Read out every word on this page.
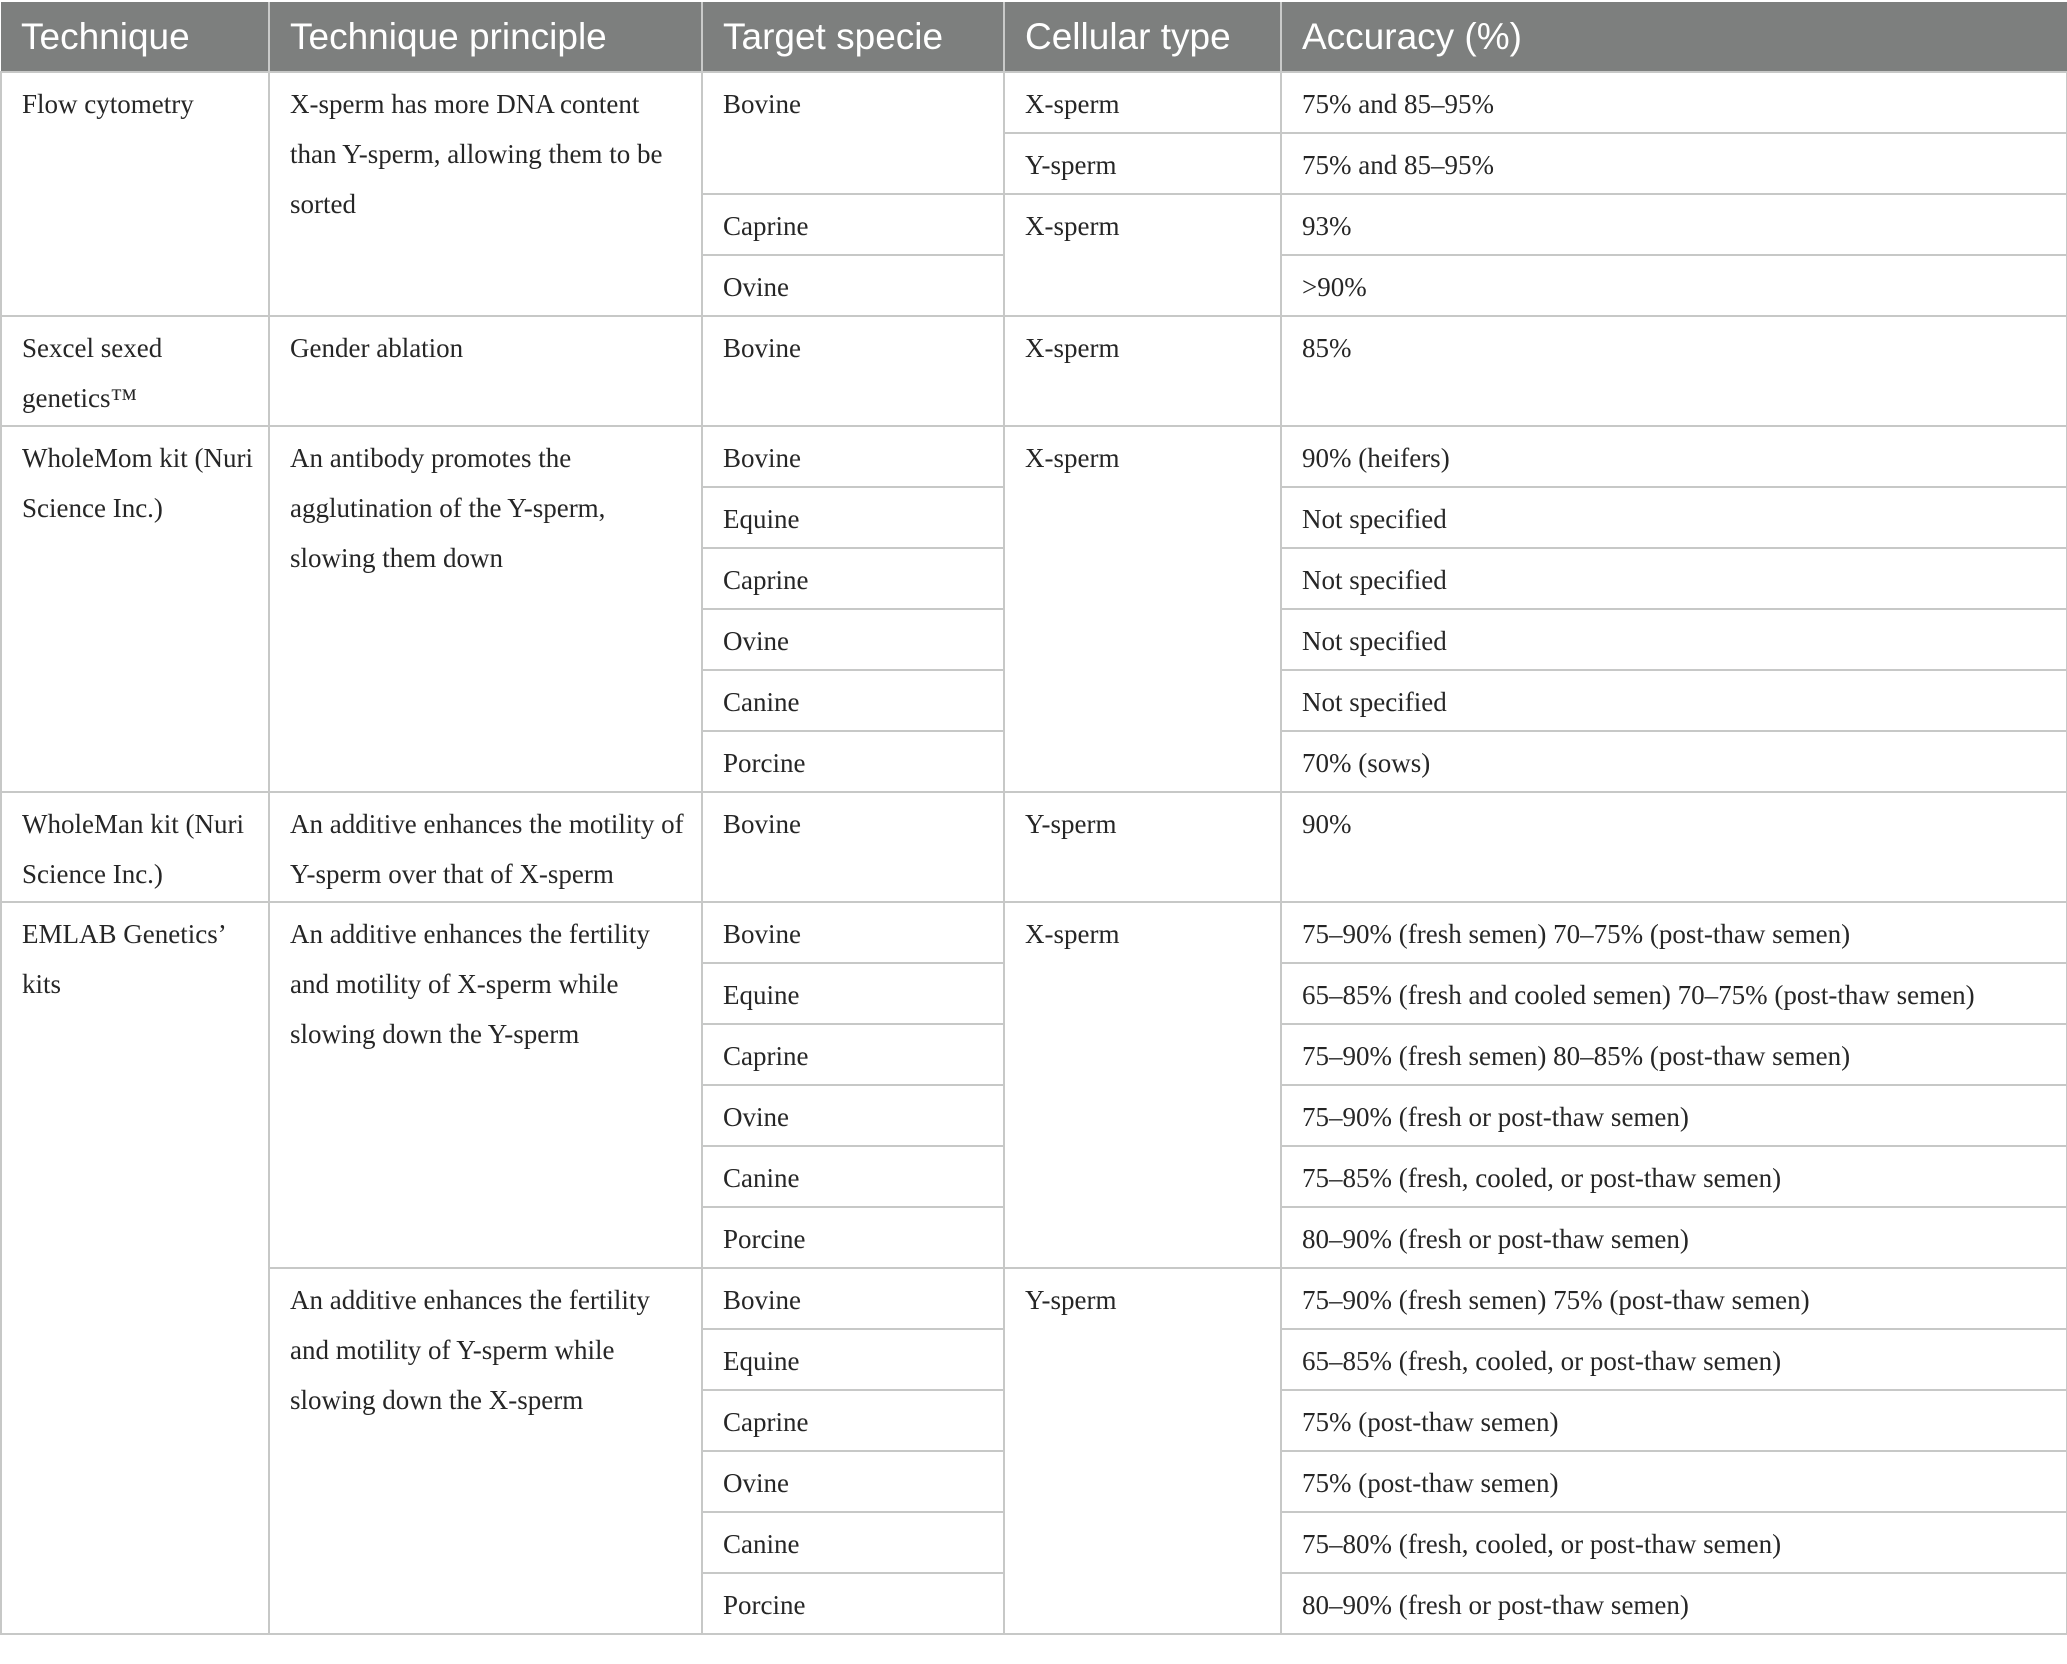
Technique	Technique principle	Target specie	Cellular type	Accuracy (%)
Flow cytometry	X-sperm has more DNA content than Y-sperm, allowing them to be sorted	Bovine	X-sperm	75% and 85–95%
			Y-sperm	75% and 85–95%
		Caprine	X-sperm	93%
		Ovine		>90%
Sexcel sexed genetics™	Gender ablation	Bovine	X-sperm	85%
WholeMom kit (Nuri Science Inc.)	An antibody promotes the agglutination of the Y-sperm, slowing them down	Bovine	X-sperm	90% (heifers)
		Equine		Not specified
		Caprine		Not specified
		Ovine		Not specified
		Canine		Not specified
		Porcine		70% (sows)
WholeMan kit (Nuri Science Inc.)	An additive enhances the motility of Y-sperm over that of X-sperm	Bovine	Y-sperm	90%
EMLAB Genetics’ kits	An additive enhances the fertility and motility of X-sperm while slowing down the Y-sperm	Bovine	X-sperm	75–90% (fresh semen) 70–75% (post-thaw semen)
		Equine		65–85% (fresh and cooled semen) 70–75% (post-thaw semen)
		Caprine		75–90% (fresh semen) 80–85% (post-thaw semen)
		Ovine		75–90% (fresh or post-thaw semen)
		Canine		75–85% (fresh, cooled, or post-thaw semen)
		Porcine		80–90% (fresh or post-thaw semen)
	An additive enhances the fertility and motility of Y-sperm while slowing down the X-sperm	Bovine	Y-sperm	75–90% (fresh semen) 75% (post-thaw semen)
		Equine		65–85% (fresh, cooled, or post-thaw semen)
		Caprine		75% (post-thaw semen)
		Ovine		75% (post-thaw semen)
		Canine		75–80% (fresh, cooled, or post-thaw semen)
		Porcine		80–90% (fresh or post-thaw semen)
